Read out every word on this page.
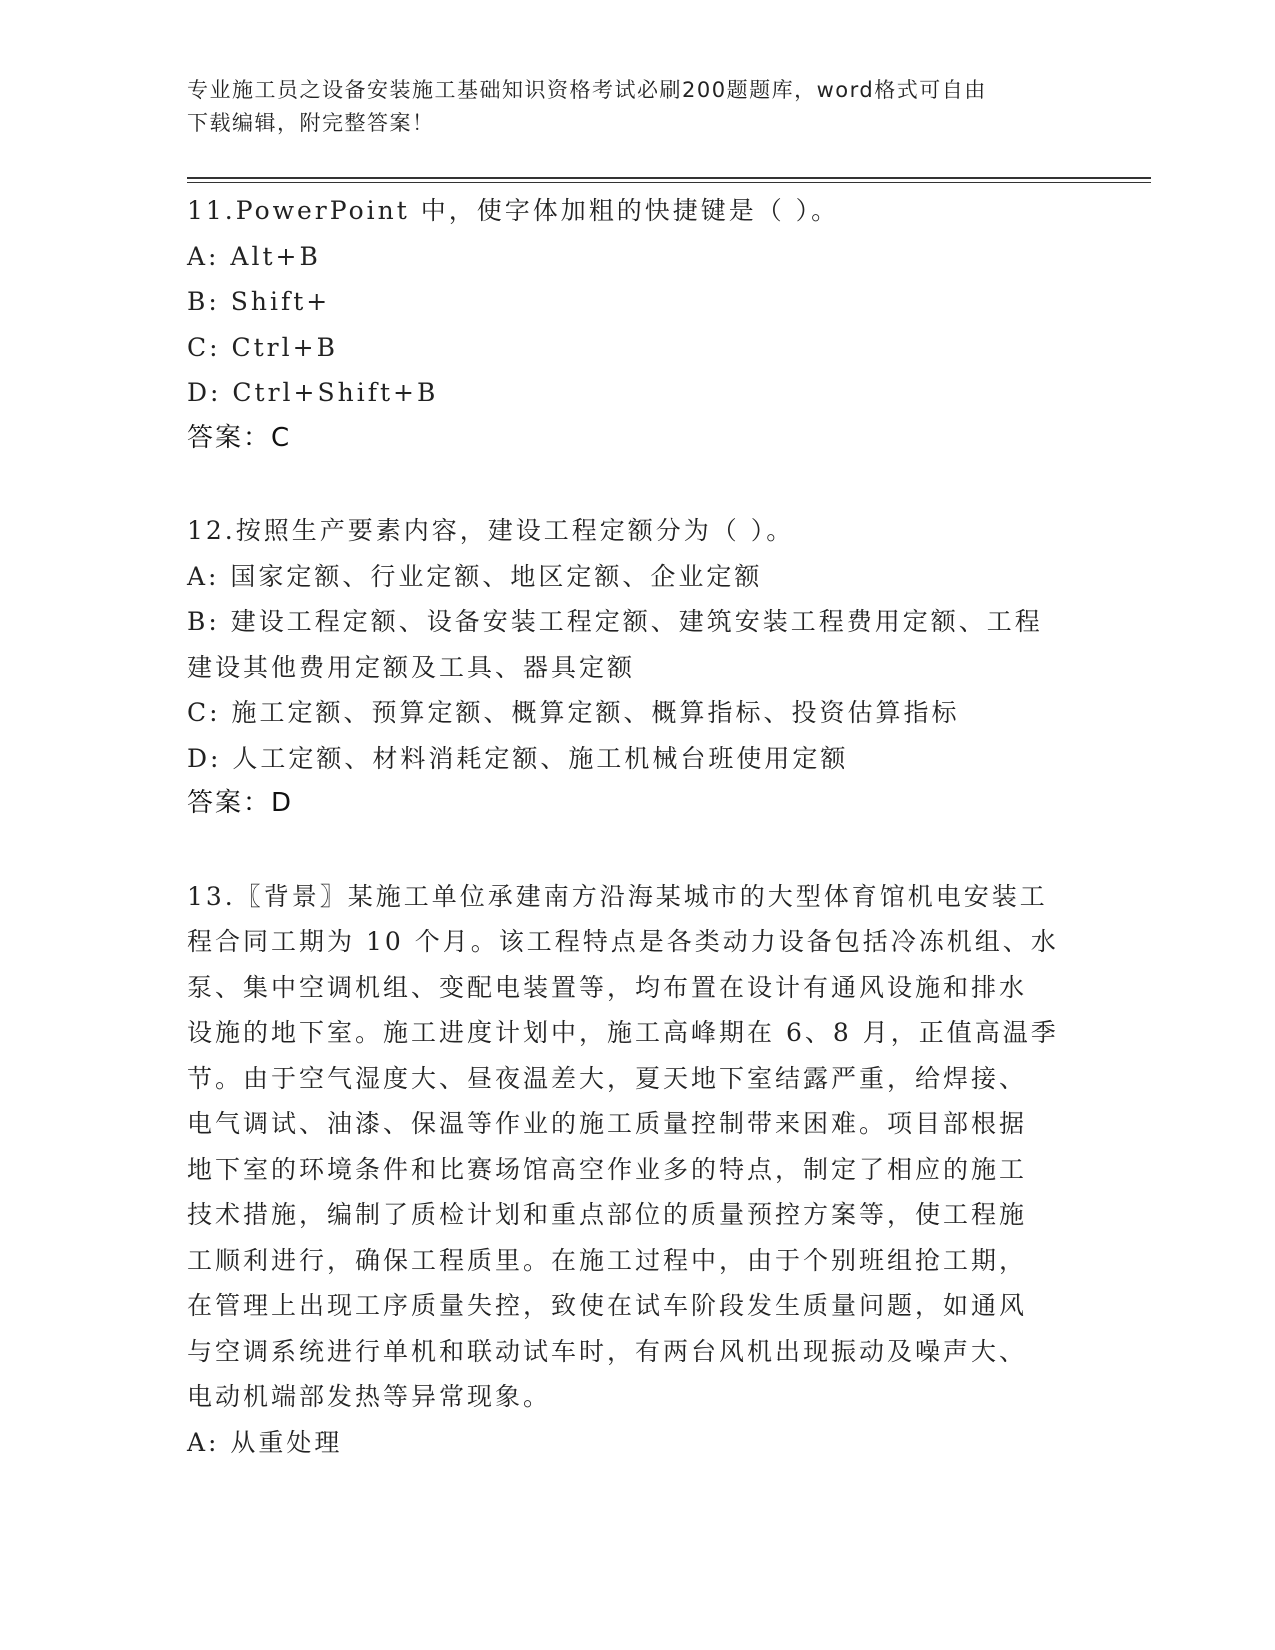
专业施工员之设备安装施工基础知识资格考试必刷200题题库，word格式可自由
下载编辑，附完整答案！
11.PowerPoint 中，使字体加粗的快捷键是（ ）。
A: Alt+B
B: Shift+
C: Ctrl+B
D: Ctrl+Shift+B
答案：C
12.按照生产要素内容，建设工程定额分为（ ）。
A: 国家定额、行业定额、地区定额、企业定额
B: 建设工程定额、设备安装工程定额、建筑安装工程费用定额、工程
建设其他费用定额及工具、器具定额
C: 施工定额、预算定额、概算定额、概算指标、投资估算指标
D: 人工定额、材料消耗定额、施工机械台班使用定额
答案：D
13.〖背景〗某施工单位承建南方沿海某城市的大型体育馆机电安装工
程合同工期为 10 个月。该工程特点是各类动力设备包括冷冻机组、水
泵、集中空调机组、变配电装置等，均布置在设计有通风设施和排水
设施的地下室。施工进度计划中，施工高峰期在 6、8 月，正值高温季
节。由于空气湿度大、昼夜温差大，夏天地下室结露严重，给焊接、
电气调试、油漆、保温等作业的施工质量控制带来困难。项目部根据
地下室的环境条件和比赛场馆高空作业多的特点，制定了相应的施工
技术措施，编制了质检计划和重点部位的质量预控方案等，使工程施
工顺利进行，确保工程质里。在施工过程中，由于个别班组抢工期，
在管理上出现工序质量失控，致使在试车阶段发生质量问题，如通风
与空调系统进行单机和联动试车时，有两台风机出现振动及噪声大、
电动机端部发热等异常现象。
A: 从重处理
